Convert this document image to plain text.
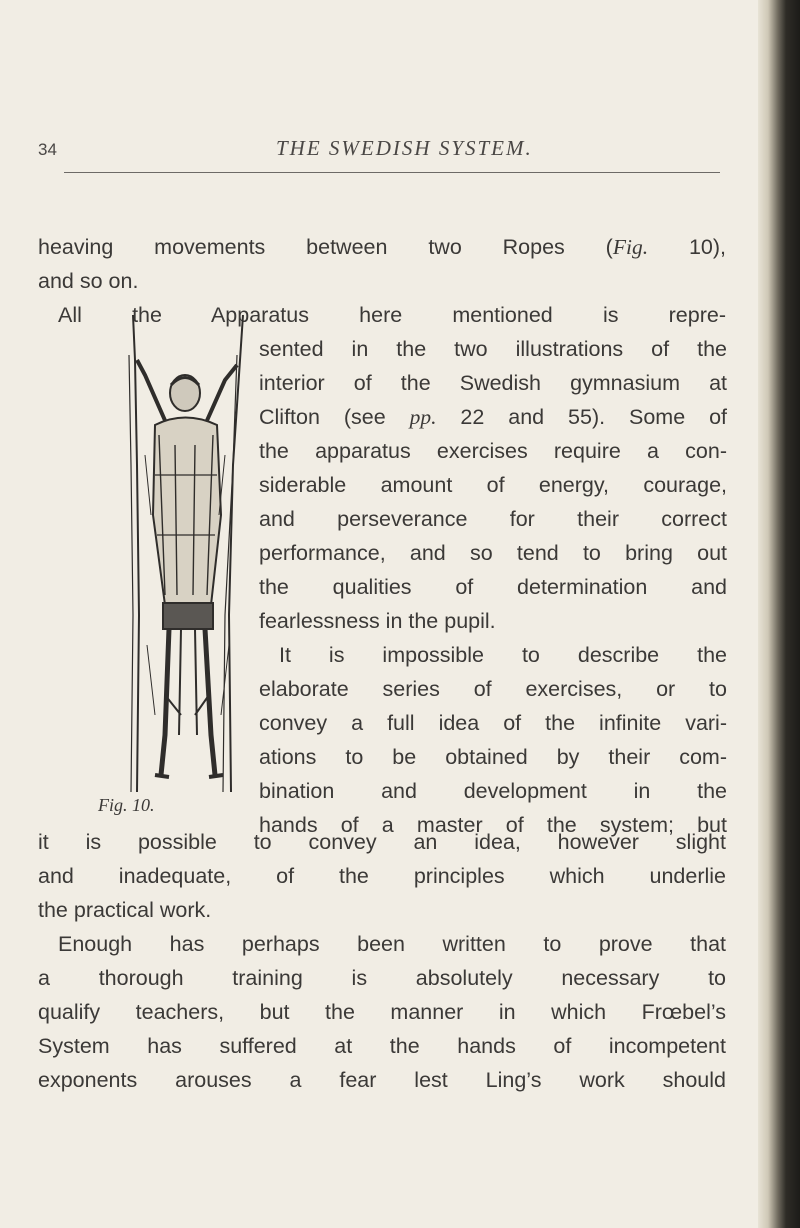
34	THE SWEDISH SYSTEM.
heaving movements between two Ropes (Fig. 10),
and so on.
All the Apparatus here mentioned is repre-
sented in the two illustrations of the
interior of the Swedish gymnasium at
Clifton (see pp. 22 and 55). Some of
the apparatus exercises require a con-
siderable amount of energy, courage,
and perseverance for their correct
performance, and so tend to bring out
the qualities of determination and
fearlessness in the pupil.
It is impossible to describe the
elaborate series of exercises, or to
convey a full idea of the infinite vari-
ations to be obtained by their com-
bination and development in the
hands of a master of the system; but
Fig. 10.
it is possible to convey an idea, however slight
and inadequate, of the principles which underlie
the practical work.
Enough has perhaps been written to prove that
a thorough training is absolutely necessary to
qualify teachers, but the manner in which Frœbel’s
System has suffered at the hands of incompetent
exponents arouses a fear lest Ling’s work should
